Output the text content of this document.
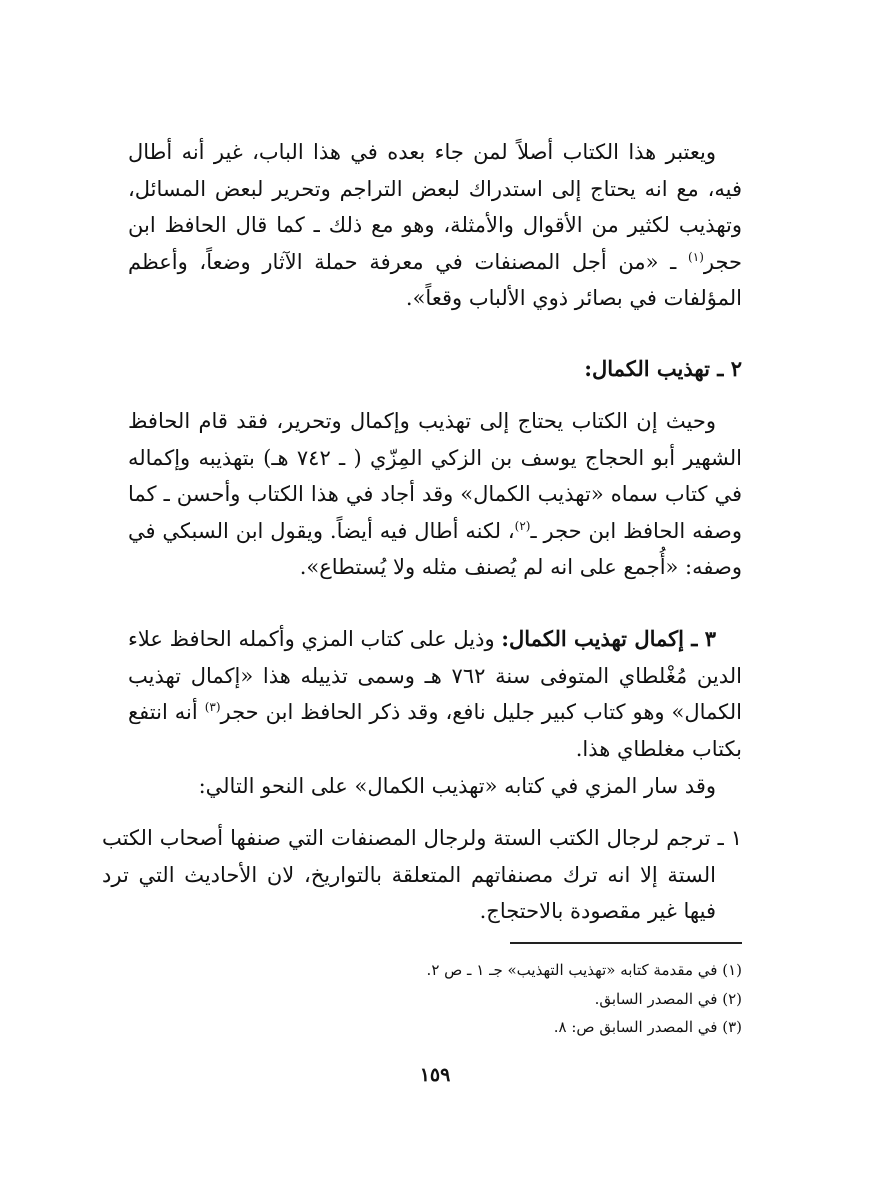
ويعتبر هذا الكتاب أصلاً لمن جاء بعده في هذا الباب، غير أنه أطال فيه، مع انه يحتاج إلى استدراك لبعض التراجم وتحرير لبعض المسائل، وتهذيب لكثير من الأقوال والأمثلة، وهو مع ذلك ـ كما قال الحافظ ابن حجر$^{(١)}$ ـ «من أجل المصنفات في معرفة حملة الآثار وضعاً، وأعظم المؤلفات في بصائر ذوي الألباب وقعاً».
٢ ـ تهذيب الكمال:
وحيث إن الكتاب يحتاج إلى تهذيب وإكمال وتحرير، فقد قام الحافظ الشهير أبو الحجاج يوسف بن الزكي المِزّي ( ـ ٧٤٢ هـ) بتهذيبه وإكماله في كتاب سماه «تهذيب الكمال» وقد أجاد في هذا الكتاب وأحسن ـ كما وصفه الحافظ ابن حجر ـ$^{(٢)}$، لكنه أطال فيه أيضاً. ويقول ابن السبكي في وصفه: «أُجمع على انه لم يُصنف مثله ولا يُستطاع».
٣ ـ إكمال تهذيب الكمال: وذيل على كتاب المزي وأكمله الحافظ علاء الدين مُغْلطاي المتوفى سنة ٧٦٢ هـ وسمى تذييله هذا «إكمال تهذيب الكمال» وهو كتاب كبير جليل نافع، وقد ذكر الحافظ ابن حجر$^{(٣)}$ أنه انتفع بكتاب مغلطاي هذا.
وقد سار المزي في كتابه «تهذيب الكمال» على النحو التالي:
١ ـ ترجم لرجال الكتب الستة ولرجال المصنفات التي صنفها أصحاب الكتب الستة إلا انه ترك مصنفاتهم المتعلقة بالتواريخ، لان الأحاديث التي ترد فيها غير مقصودة بالاحتجاج.
(١) في مقدمة كتابه «تهذيب التهذيب» جـ ١ ـ ص ٢.
(٢) في المصدر السابق.
(٣) في المصدر السابق ص: ٨.
١٥٩
